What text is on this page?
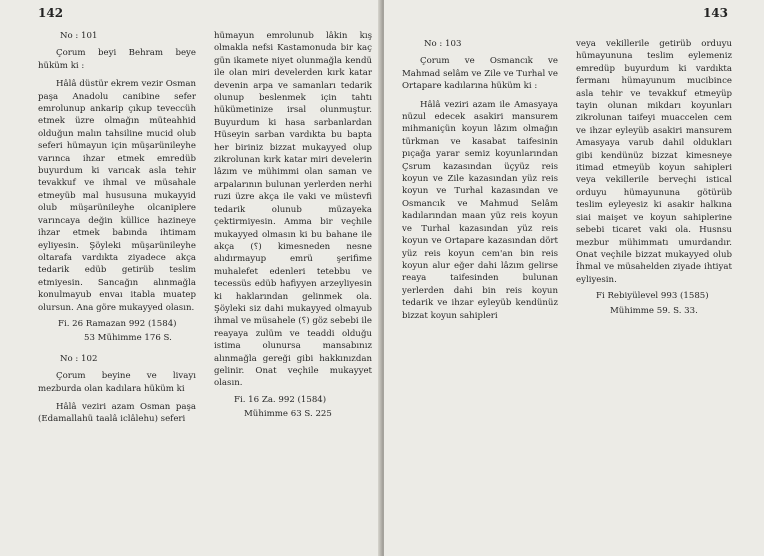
142

No : 101

Çorum beyi Behram beye hüküm ki :

Hâlâ düstür ekrem vezir Osman paşa Anadolu canibine sefer emrolunup ankarip çıkup teveccüh etmek üzre olmağın müteahhid olduğun malın tahsiline mucid olub seferi hümayun için müşarünileyhe varınca ihzar etmek emredüb buyurdum ki varıcak asla tehir tevakkuf ve ihmal ve müsahale etmeyüb mal hususuna mukayyid olub müşarünileyhe olcaniplere varıncaya değin küllice hazineye ihzar etmek babında ihtimam eyliyesin. Şöyleki müşarünileyhe oltarafa vardıkta ziyadece akça tedarik edüb getirüb teslim etmiyesin. Sancağın alınmağla konulmayub envaı itabla muatep olursun. Ana göre mukayyed olasın.

Fi. 26 Ramazan 992 (1584)

53 Mühimme 176 S.

No : 102

Çorum beyine ve livayı mezburda olan kadılara hüküm ki

Hâlâ veziri azam Osman paşa (Edamallahü taalâ iclâlehu) seferi

hümayun emrolunub lâkin kış olmakla nefsi Kastamonuda bir kaç gün ikamete niyet olunmağla kendü ile olan miri develerden kırk katar devenin arpa ve samanları tedarik olunup beslenmek için tahtı hükümetinize irsal olunmuştur. Buyurdum ki hasa sarbanlardan Hüseyin sarban vardıkta bu bapta her biriniz bizzat mukayyed olup zikrolunan kırk katar miri develerin lâzım ve mühimmi olan saman ve arpalarının bulunan yerlerden nerhi ruzi üzre akça ile vaki ve müstevfi tedarik olunub müzayeka çektirmiyesin. Amma bir veçhile mukayyed olmasın ki bu bahane ile akça (؟) kimesneden nesne alıdırmayup emrü şerifime muhalefet edenleri tetebbu ve tecessüs edüb hafiyyen arzeyliyesin ki haklarından gelinmek ola. Şöyleki siz dahi mukayyed olmayub ihmal ve müsahele (؟) göz sebebi ile reayaya zulüm ve teaddi olduğu istima olunursa mansabınız alınmağla gereği gibi hakkınızdan gelinir. Onat veçhile mukayyet olasın.

Fi. 16 Za. 992 (1584)

Mühimme 63 S. 225

143

No : 103

Çorum ve Osmancık ve Mahmad selâm ve Zile ve Turhal ve Ortapare kadılarına hüküm ki :

Hâlâ veziri azam ile Amasyaya nüzul edecek asakiri mansurem mihmaniçün koyun lâzım olmağın türkman ve kasabat taifesinin pıçağa yarar semiz koyunlarından Çsrum kazasından üçyüz reis koyun ve Zile kazasından yüz reis koyun ve Turhal kazasından ve Osmancık ve Mahmud Selâm kadılarından maan yüz reis koyun ve Turhal kazasından yüz reis koyun ve Ortapare kazasından dört yüz reis koyun cem'an bin reis koyun alur eğer dahi lâzım gelirse reaya taifesinden bulunan yerlerden dahi bin reis koyun tedarik ve ihzar eyleyüb kendünüz bizzat koyun sahipleri

veya vekillerile getirüb orduyu hümayununa teslim eylemeniz emredüp buyurdum ki vardıkta fermanı hümayunum mucibince asla tehir ve tevakkuf etmeyüp tayin olunan mikdarı koyunları zikrolunan taifeyi muaccelen cem ve ihzar eyleyüb asakiri mansurem Amasyaya varub dahil oldukları gibi kendünüz bizzat kimesneye itimad etmeyüb koyun sahipleri veya vekillerile berveçhi istical orduyu hümayununa götürüb teslim eyleyesiz ki asakir halkına siai maişet ve koyun sahiplerine sebebi ticaret vaki ola. Husnsu mezbur mühimmatı umurdandır. Onat veçhile bizzat mukayyed olub İhmal ve müsahelden ziyade ihtiyat eyliyesin.

Fi Rebiyülevel 993 (1585)

Mühimme 59. S. 33.
